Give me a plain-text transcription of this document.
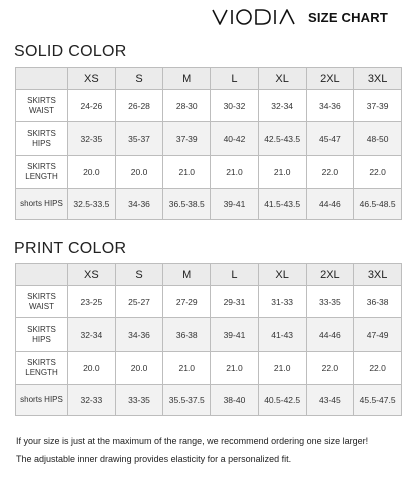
SIZE CHART
SOLID COLOR
	XS	S	M	L	XL	2XL	3XL
SKIRTS
WAIST	24-26	26-28	28-30	30-32	32-34	34-36	37-39
SKIRTS
HIPS	32-35	35-37	37-39	40-42	42.5-43.5	45-47	48-50
SKIRTS
LENGTH	20.0	20.0	21.0	21.0	21.0	22.0	22.0
shorts HIPS	32.5-33.5	34-36	36.5-38.5	39-41	41.5-43.5	44-46	46.5-48.5
PRINT COLOR
	XS	S	M	L	XL	2XL	3XL
SKIRTS
WAIST	23-25	25-27	27-29	29-31	31-33	33-35	36-38
SKIRTS
HIPS	32-34	34-36	36-38	39-41	41-43	44-46	47-49
SKIRTS
LENGTH	20.0	20.0	21.0	21.0	21.0	22.0	22.0
shorts HIPS	32-33	33-35	35.5-37.5	38-40	40.5-42.5	43-45	45.5-47.5
If your size is just at the maximum of the range, we recommend ordering one size larger!
The adjustable inner drawing provides elasticity for a personalized fit.
